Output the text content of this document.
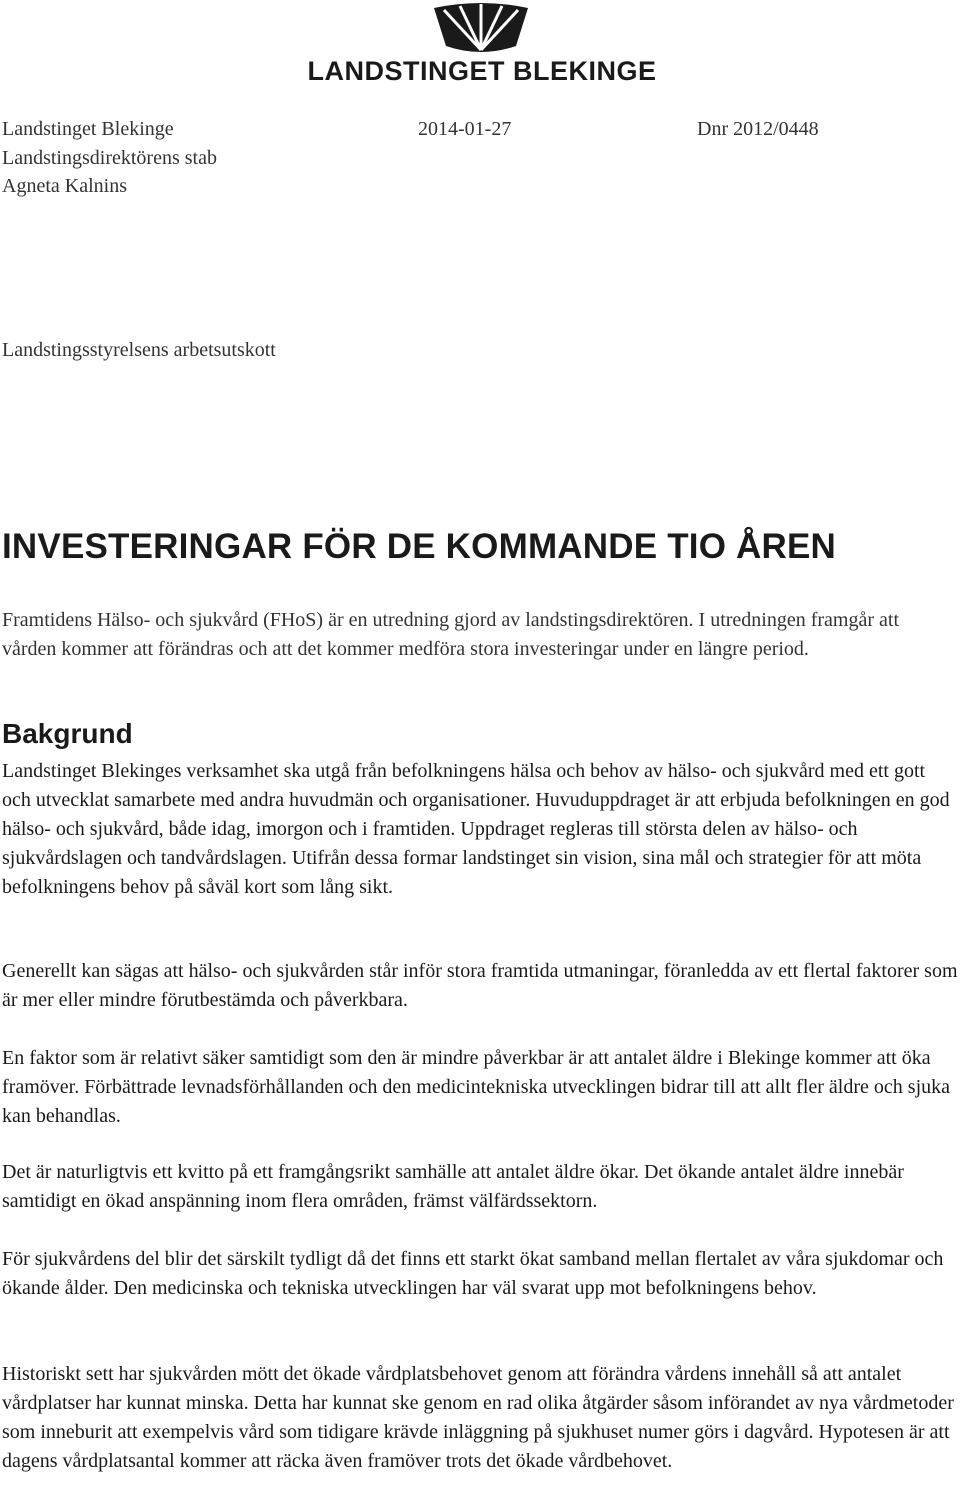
LANDSTINGET BLEKINGE
Landstinget Blekinge	2014-01-27	Dnr 2012/0448
Landstingsdirektörens stab
Agneta Kalnins
Landstingsstyrelsens arbetsutskott
INVESTERINGAR FÖR DE KOMMANDE TIO ÅREN
Framtidens Hälso- och sjukvård (FHoS) är en utredning gjord av landstingsdirektören. I utredningen framgår att vården kommer att förändras och att det kommer medföra stora investeringar under en längre period.
Bakgrund
Landstinget Blekinges verksamhet ska utgå från befolkningens hälsa och behov av hälso- och sjukvård med ett gott och utvecklat samarbete med andra huvudmän och organisationer. Huvuduppdraget är att erbjuda befolkningen en god hälso- och sjukvård, både idag, imorgon och i framtiden. Uppdraget regleras till största delen av hälso- och sjukvårdslagen och tandvårdslagen. Utifrån dessa formar landstinget sin vision, sina mål och strategier för att möta befolkningens behov på såväl kort som lång sikt.
Generellt kan sägas att hälso- och sjukvården står inför stora framtida utmaningar, föranledda av ett flertal faktorer som är mer eller mindre förutbestämda och påverkbara.
En faktor som är relativt säker samtidigt som den är mindre påverkbar är att antalet äldre i Blekinge kommer att öka framöver. Förbättrade levnadsförhållanden och den medicintekniska utvecklingen bidrar till att allt fler äldre och sjuka kan behandlas.
Det är naturligtvis ett kvitto på ett framgångsrikt samhälle att antalet äldre ökar. Det ökande antalet äldre innebär samtidigt en ökad anspänning inom flera områden, främst välfärdssektorn.
För sjukvårdens del blir det särskilt tydligt då det finns ett starkt ökat samband mellan flertalet av våra sjukdomar och ökande ålder. Den medicinska och tekniska utvecklingen har väl svarat upp mot befolkningens behov.
Historiskt sett har sjukvården mött det ökade vårdplatsbehovet genom att förändra vårdens innehåll så att antalet vårdplatser har kunnat minska. Detta har kunnat ske genom en rad olika åtgärder såsom införandet av nya vårdmetoder som inneburit att exempelvis vård som tidigare krävde inläggning på sjukhuset numer görs i dagvård. Hypotesen är att dagens vårdplatsantal kommer att räcka även framöver trots det ökade vårdbehovet.
